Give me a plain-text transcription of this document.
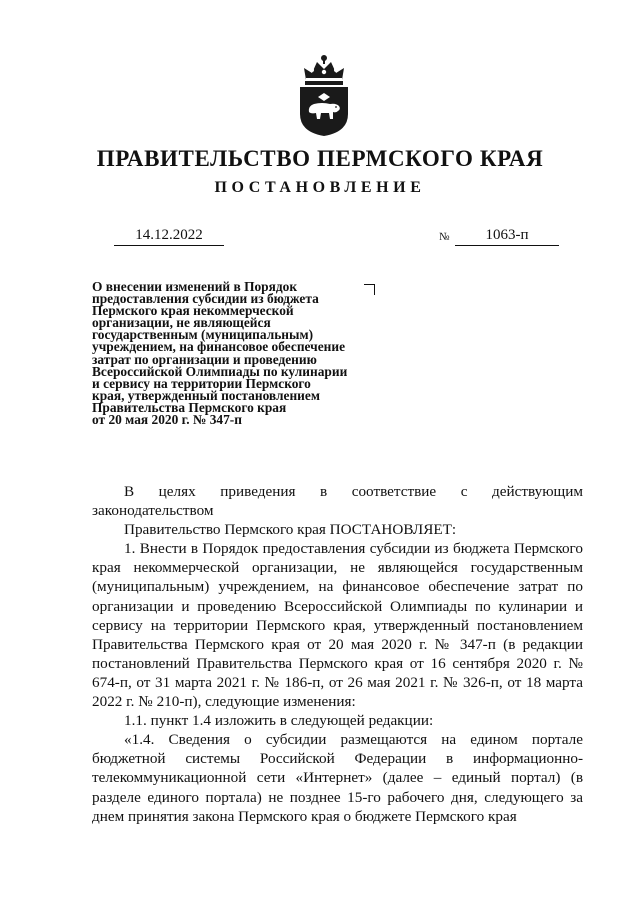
ПРАВИТЕЛЬСТВО ПЕРМСКОГО КРАЯ
ПОСТАНОВЛЕНИЕ
14.12.2022	№	1063-п
О внесении изменений в Порядок
предоставления субсидии из бюджета
Пермского края некоммерческой
организации, не являющейся
государственным (муниципальным)
учреждением, на финансовое обеспечение
затрат по организации и проведению
Всероссийской Олимпиады по кулинарии
и сервису на территории Пермского
края, утвержденный постановлением
Правительства Пермского края
от 20 мая 2020 г. № 347-п

В целях приведения в соответствие с действующим законодательством

Правительство Пермского края ПОСТАНОВЛЯЕТ:

1. Внести в Порядок предоставления субсидии из бюджета Пермского края некоммерческой организации, не являющейся государственным (муниципальным) учреждением, на финансовое обеспечение затрат по организации и проведению Всероссийской Олимпиады по кулинарии и сервису на территории Пермского края, утвержденный постановлением Правительства Пермского края от 20 мая 2020 г. № 347-п (в редакции постановлений Правительства Пермского края от 16 сентября 2020 г. № 674-п, от 31 марта 2021 г. № 186-п, от 26 мая 2021 г. № 326-п, от 18 марта 2022 г. № 210-п), следующие изменения:

1.1. пункт 1.4 изложить в следующей редакции:

«1.4. Сведения о субсидии размещаются на едином портале бюджетной системы Российской Федерации в информационно-телекоммуникационной сети «Интернет» (далее – единый портал) (в разделе единого портала) не позднее 15-го рабочего дня, следующего за днем принятия закона Пермского края о бюджете Пермского края
